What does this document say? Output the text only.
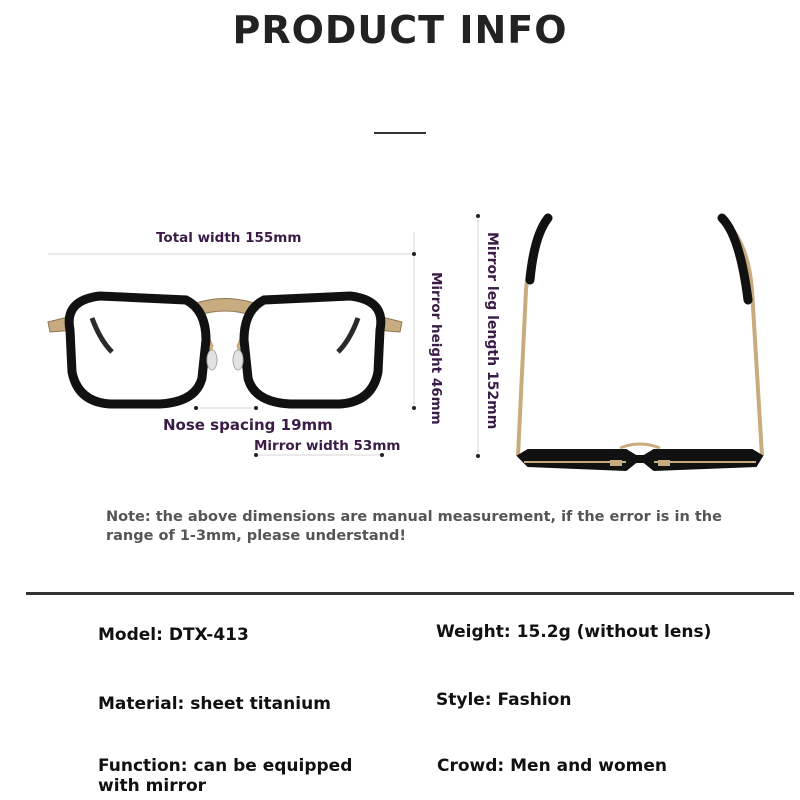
PRODUCT INFO
Total width 155mm
Mirror height 46mm
Nose spacing 19mm
Mirror width 53mm
Mirror leg length 152mm
Note: the above dimensions are manual measurement, if the error is in the range of 1-3mm, please understand!
Model: DTX-413	Weight: 15.2g (without lens)
Material: sheet titanium	Style: Fashion
Function: can be equipped with mirror
Crowd: Men and women
